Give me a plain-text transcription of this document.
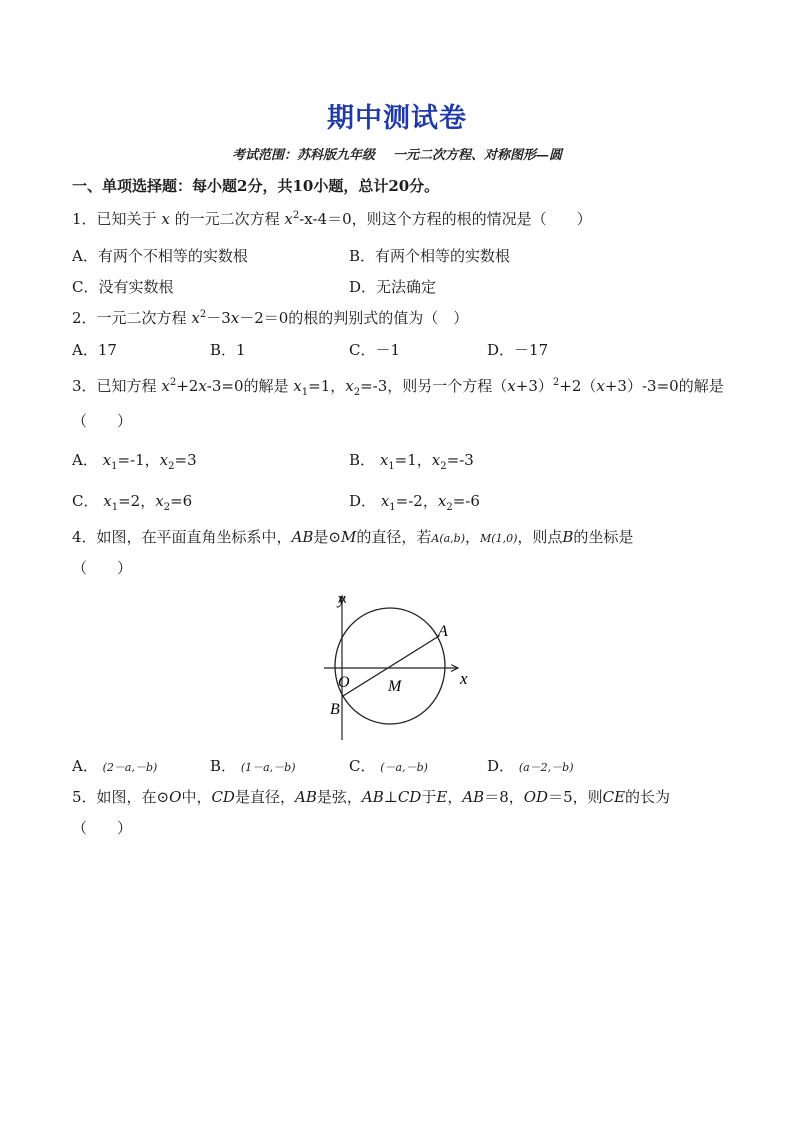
期中测试卷
考试范围：苏科版九年级 一元二次方程、对称图形—圆
一、单项选择题：每小题2分，共10小题，总计20分。
1．已知关于 x 的一元二次方程 $x^2-x-4=0$，则这个方程的根的情况是（　　）
A．有两个不相等的实数根	B．有两个相等的实数根
C．没有实数根	D．无法确定
2．一元二次方程 $x^2-3x-2=0$的根的判别式的值为（　）
A．17	B．1	C．－1	D．－17
3．已知方程 $x^2+2x-3=0$的解是 $x_1=1$，$x_2=-3$，则另一个方程$(x+3)^2+2(x+3)-3=0$的解是
（　　）
A． $x_1=-1$，$x_2=3$	B． $x_1=1$，$x_2=-3$
C． $x_1=2$，$x_2=6$	D． $x_1=-2$，$x_2=-6$
4．如图，在平面直角坐标系中，AB是⊙M的直径，若A(a,b)，M(1,0)，则点B的坐标是
（　　）
y
x
O M
A
B
A． (2－a,－b)	B． (1－a,－b)	C． (－a,－b)	D． (a－2,－b)
5．如图，在⊙O中，CD是直径，AB是弦，AB⊥CD于E，AB＝8，OD＝5，则CE的长为
（　　）
